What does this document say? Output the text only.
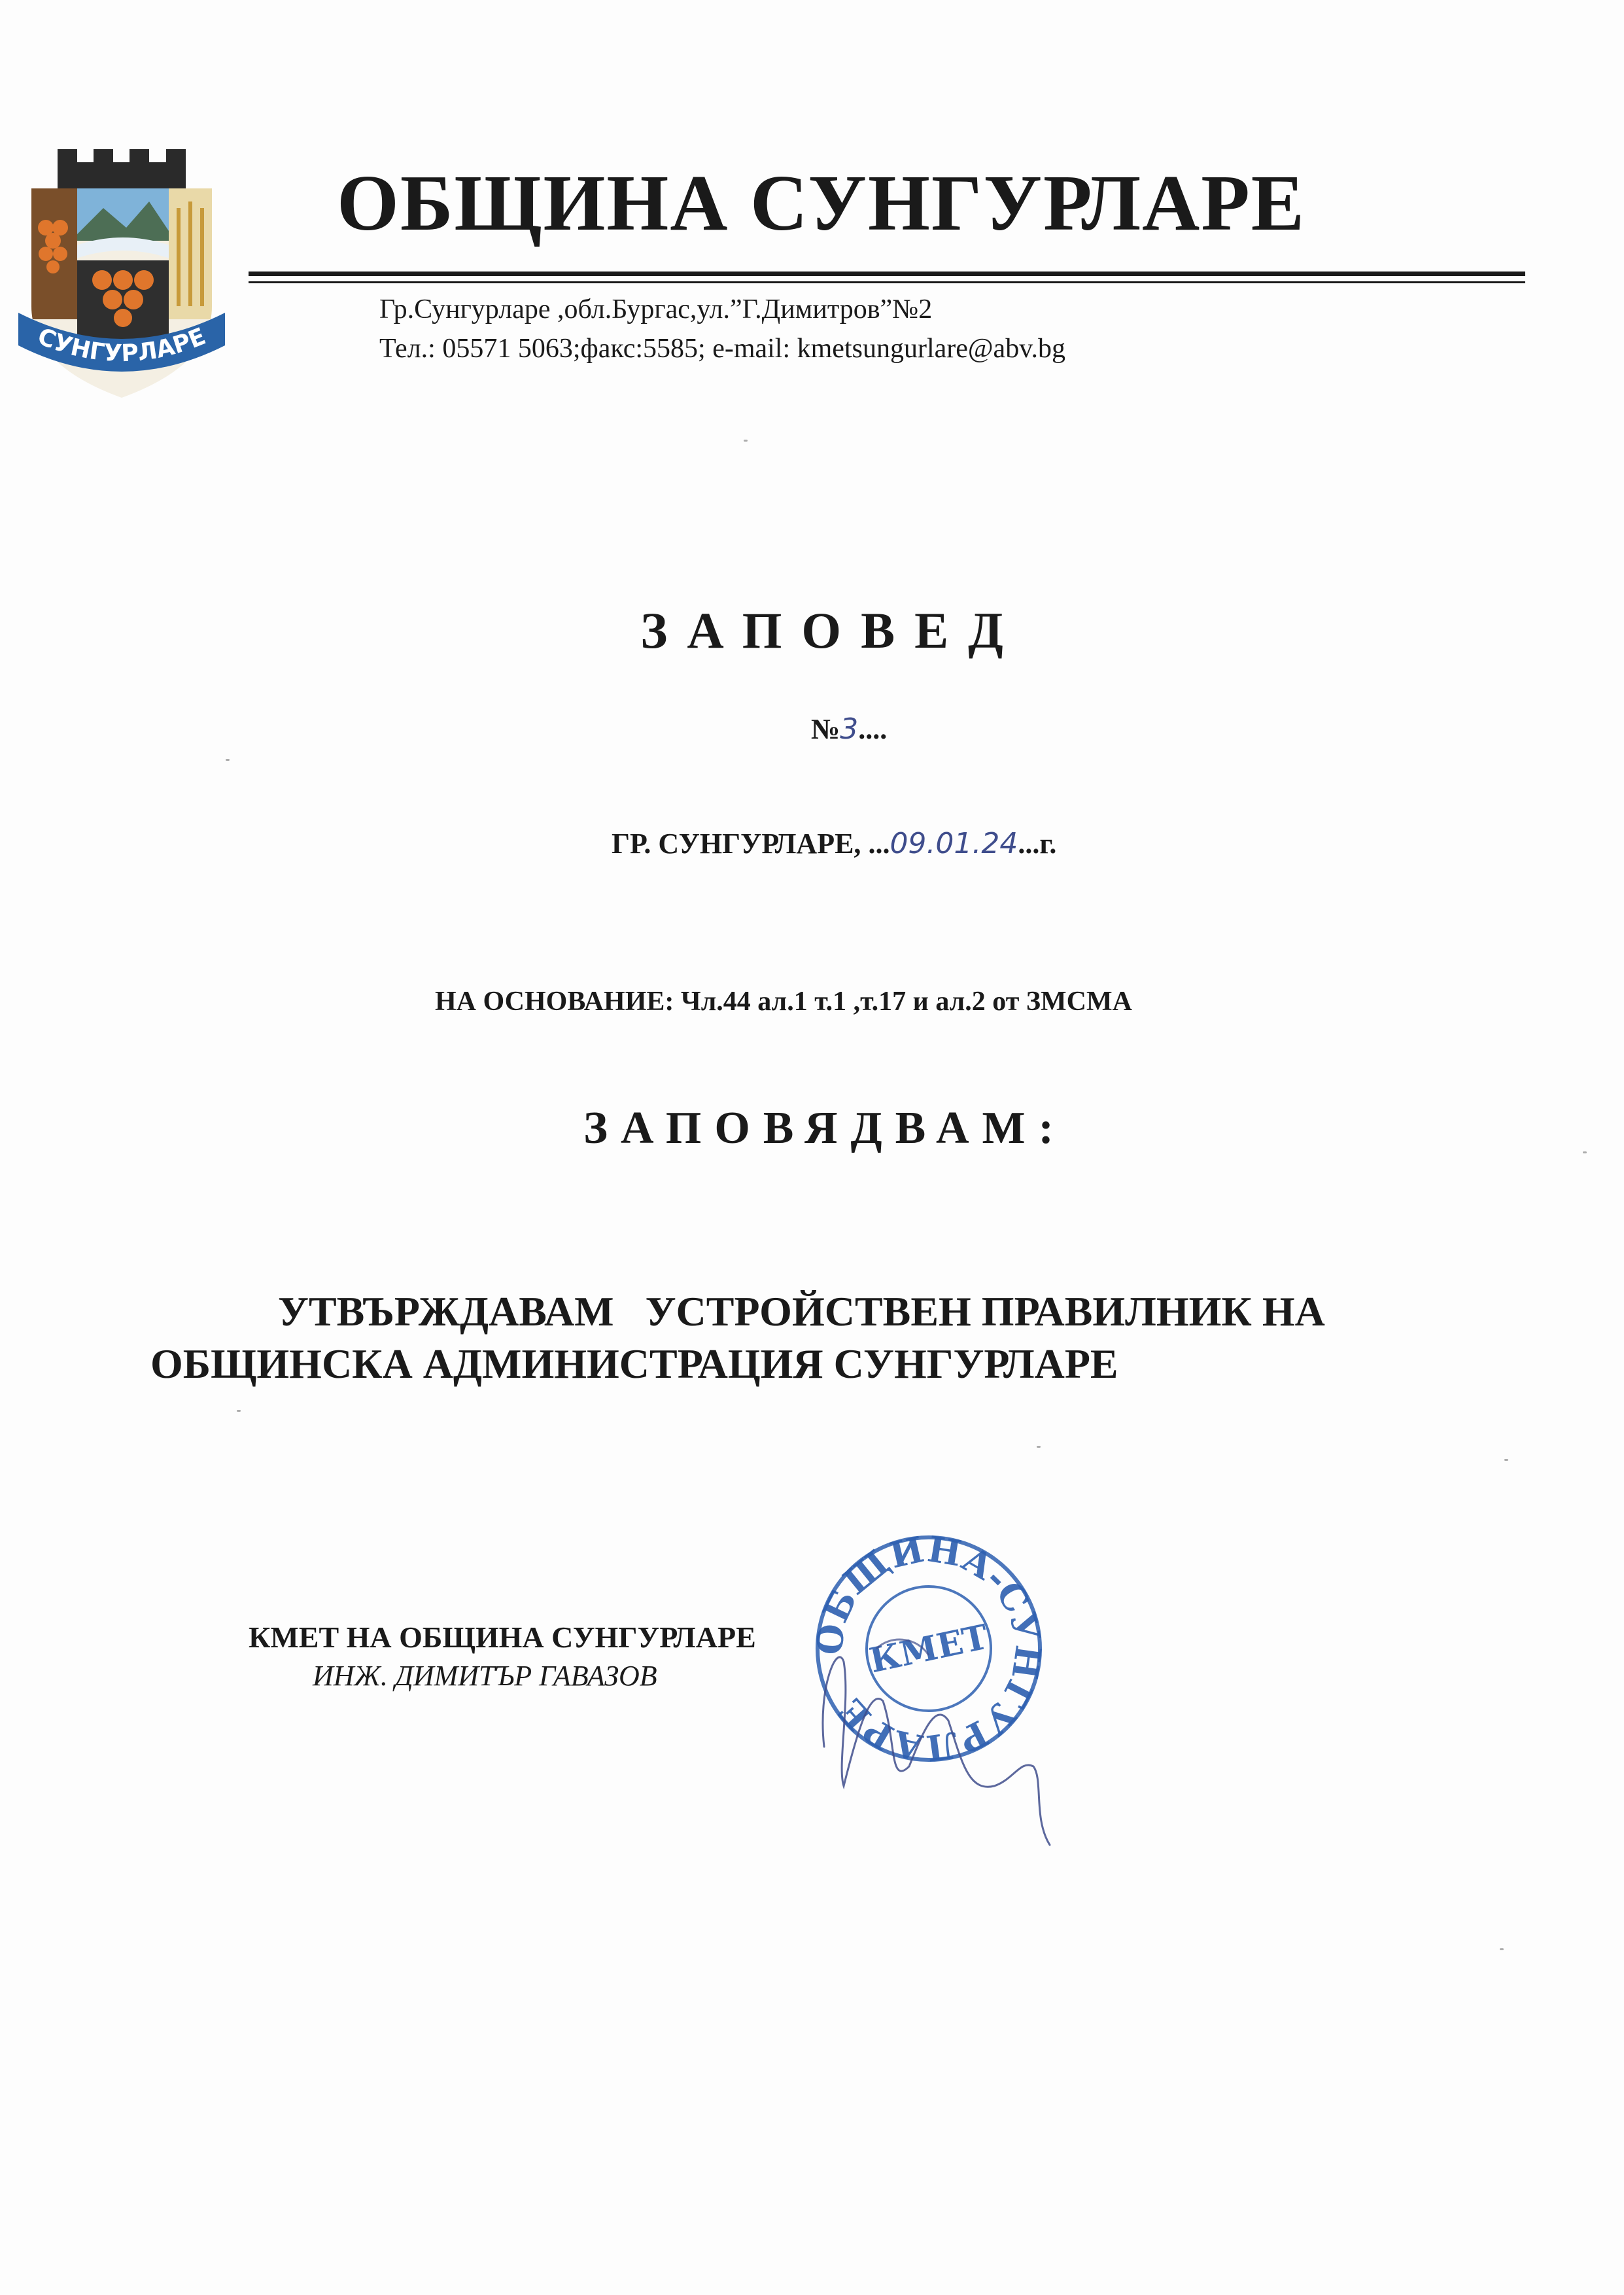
СУНГУРЛАРЕ
ОБЩИНА СУНГУРЛАРЕ
Гр.Сунгурларе ,обл.Бургас,ул.”Г.Димитров”№2
Тел.: 05571 5063;факс:5585; e-mail: kmetsungurlare@abv.bg
ЗАПОВЕД
№3....
ГР. СУНГУРЛАРЕ, ...09.01.24...г.
НА ОСНОВАНИЕ: Чл.44 ал.1 т.1 ,т.17 и ал.2 от ЗМСМА
ЗАПОВЯДВАМ:
УТВЪРЖДАВАМ   УСТРОЙСТВЕН ПРАВИЛНИК НА
ОБЩИНСКА АДМИНИСТРАЦИЯ СУНГУРЛАРЕ
КМЕТ НА ОБЩИНА СУНГУРЛАРЕ
ИНЖ. ДИМИТЪР ГАВАЗОВ
ОБЩИНА-СУНГУРЛАРЕ
КМЕТ
